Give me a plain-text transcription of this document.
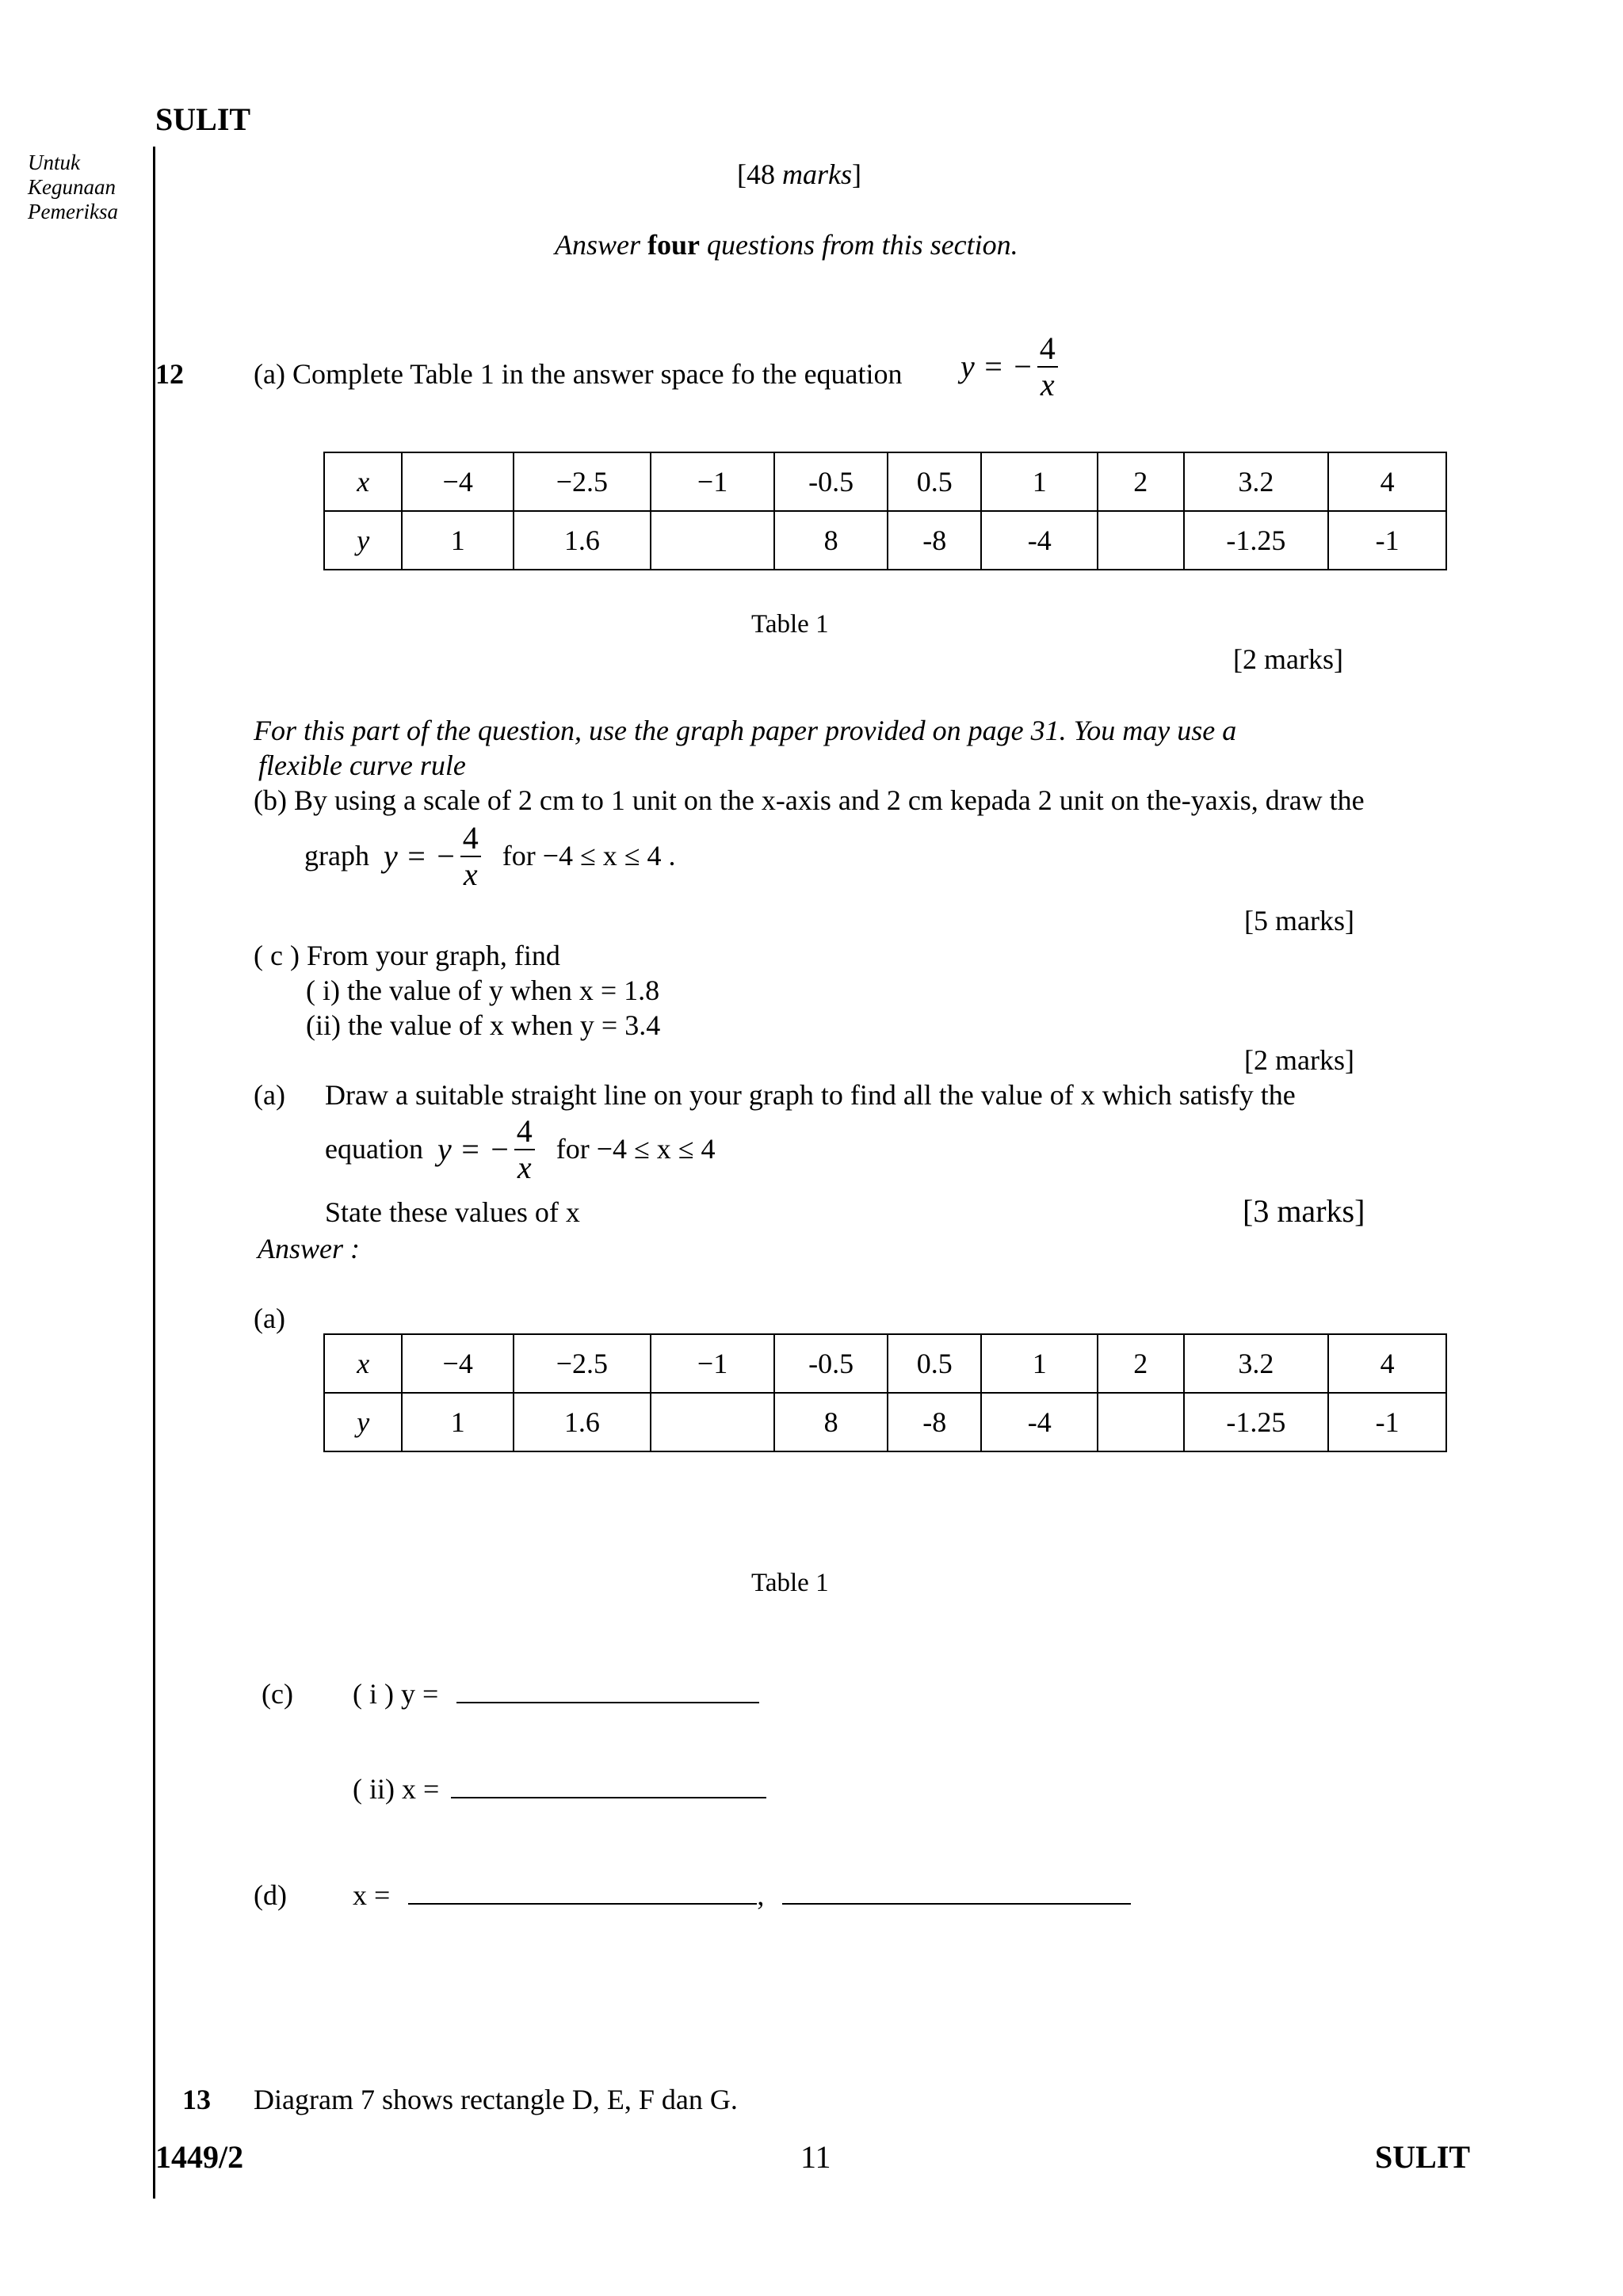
SULIT
Untuk
Kegunaan
Pemeriksa
[48 marks]
Answer four questions from this section.
12 (a) Complete Table 1 in the answer space fo the equation y = − $\frac{4}{x}$
x	−4	−2.5	−1	-0.5	0.5	1	2	3.2	4
y	1	1.6		8	-8	-4		-1.25	-1
Table 1
[2 marks]
For this part of the question, use the graph paper provided on page 31. You may use a
flexible curve rule
(b) By using a scale of 2 cm to 1 unit on the x-axis and 2 cm kepada 2 unit on the-yaxis, draw the
graph y = − $\frac{4}{x}$ for −4 ≤ x ≤ 4 .
[5 marks]
( c ) From your graph, find
( i) the value of y when x = 1.8
(ii) the value of x when y = 3.4
[2 marks]
(a) Draw a suitable straight line on your graph to find all the value of x which satisfy the
equation y = − $\frac{4}{x}$ for −4 ≤ x ≤ 4
State these values of x	[3 marks]
Answer :
(a)
x	−4	−2.5	−1	-0.5	0.5	1	2	3.2	4
y	1	1.6		8	-8	-4		-1.25	-1
Table 1
(c) ( i ) y =
( ii) x =
(d) x =	,
13 Diagram 7 shows rectangle D, E, F dan G.
1449/2	11	SULIT
